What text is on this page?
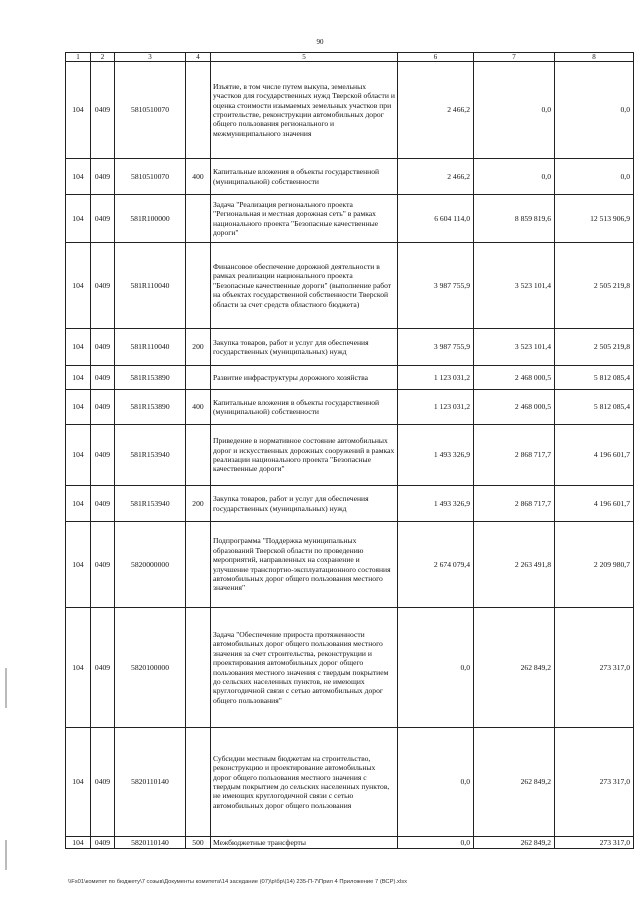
90
1	2	3	4	5	6	7	8
104	0409	5810510070		Изъятие, в том числе путем выкупа, земельных участков для государственных нужд Тверской области и оценка стоимости изымаемых земельных участков при строительстве, реконструкции автомобильных дорог общего пользования регионального и межмуниципального значения	2 466,2	0,0	0,0
104	0409	5810510070	400	Капитальные вложения в объекты государственной (муниципальной) собственности	2 466,2	0,0	0,0
104	0409	581R100000		Задача "Реализация регионального проекта "Региональная и местная дорожная сеть" в рамках национального проекта "Безопасные качественные дороги"	6 604 114,0	8 859 819,6	12 513 906,9
104	0409	581R110040		Финансовое обеспечение дорожной деятельности в рамках реализации национального проекта "Безопасные качественные дороги" (выполнение работ на объектах государственной собственности Тверской области за счет средств областного бюджета)	3 987 755,9	3 523 101,4	2 505 219,8
104	0409	581R110040	200	Закупка товаров, работ и услуг для обеспечения государственных (муниципальных) нужд	3 987 755,9	3 523 101,4	2 505 219,8
104	0409	581R153890		Развитие инфраструктуры дорожного хозяйства	1 123 031,2	2 468 000,5	5 812 085,4
104	0409	581R153890	400	Капитальные вложения в объекты государственной (муниципальной) собственности	1 123 031,2	2 468 000,5	5 812 085,4
104	0409	581R153940		Приведение в нормативное состояние автомобильных дорог и искусственных дорожных сооружений в рамках реализации национального проекта "Безопасные качественные дороги"	1 493 326,9	2 868 717,7	4 196 601,7
104	0409	581R153940	200	Закупка товаров, работ и услуг для обеспечения государственных (муниципальных) нужд	1 493 326,9	2 868 717,7	4 196 601,7
104	0409	5820000000		Подпрограмма "Поддержка муниципальных образований Тверской области по проведению мероприятий, направленных на сохранение и улучшение транспортно-эксплуатационного состояния автомобильных дорог общего пользования местного значения"	2 674 079,4	2 263 491,8	2 209 980,7
104	0409	5820100000		Задача "Обеспечение прироста протяженности автомобильных дорог общего пользования местного значения за счет строительства, реконструкции и проектирования автомобильных дорог общего пользования местного значения с твердым покрытием до сельских населенных пунктов, не имеющих круглогодичной связи с сетью автомобильных дорог общего пользования"	0,0	262 849,2	273 317,0
104	0409	5820110140		Субсидии местным бюджетам на строительство, реконструкцию и проектирование автомобильных дорог общего пользования местного значения с твердым покрытием до сельских населенных пунктов, не имеющих круглогодичной связи с сетью автомобильных дорог общего пользования	0,0	262 849,2	273 317,0
104	0409	5820110140	500	Межбюджетные трансферты	0,0	262 849,2	273 317,0
\\Fs01\комитет по бюджету\7 созыв\Документы комитета\14 заседание (07)\р\бр\(14) 235-П-7\Прил 4 Приложение 7 (ВСР).xlsx
